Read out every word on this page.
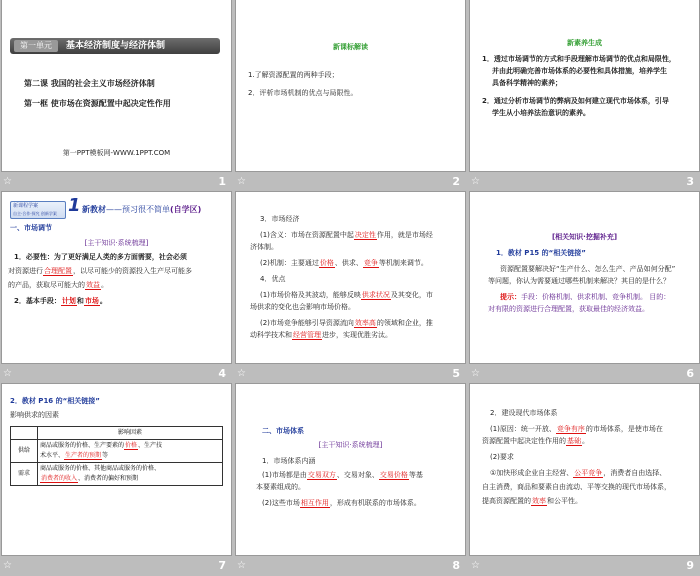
第一单元	基本经济制度与经济体制
第二课 我国的社会主义市场经济体制
第一框 使市场在资源配置中起决定性作用
第一PPT模板网-WWW.1PPT.COM
☆	1
新课标解读
1.了解资源配置的两种手段；
2．评析市场机制的优点与局限性。
☆	2
新素养生成
1．透过市场调节的方式和手段理解市场调节的优点和局限性，
并由此明确完善市场体系的必要性和具体措施，培养学生
具备科学精神的素养；
2．通过分析市场调节的弊病及如何建立现代市场体系，引导
学生从小培养法治意识的素养。
☆	3
新课程学案
自主·合作·探究 创新学案 1 新教材——预习很不简单(自学区)
一、市场调节
[主干知识·系统梳理]
1．必要性：为了更好满足人类的多方面需要，社会必须
对资源进行合理配置，以尽可能少的资源投入生产尽可能多
的产品，获取尽可能大的效益。
2．基本手段：计划和市场。
☆	4
3．市场经济
(1)含义：市场在资源配置中起决定性作用，就是市场经
济体制。
(2)机制：主要通过价格、供求、竞争等机制来调节。
4．优点
(1)市场价格及其波动，能够反映供求状况及其变化，市
场供求的变化也会影响市场价格。
(2)市场竞争能够引导资源流向效率高的领域和企业，推
动科学技术和经营管理进步，实现优胜劣汰。
☆	5
[相关知识·挖掘补充]
1．教材 P15 的“相关链接”
资源配置要解决好“生产什么、怎么生产、产品如何分配”
等问题，你认为需要通过哪些机制来解决？其目的是什么？
提示：手段：价格机制、供求机制、竞争机制。 目的：
对有限的资源进行合理配置，获取最佳的经济效益。
☆	6
2．教材 P16 的“相关链接”
影响供求的因素
	影响因素
供给	商品或服务的价格、生产要素的价格、生产技
术水平、生产者的预期等
需求	商品或服务的价格、其他商品或服务的价格、
消费者的收入、消费者的偏好和预期
☆	7
二、市场体系
[主干知识·系统梳理]
1．市场体系内涵
(1)市场都是由交易双方、交易对象、交易价格等基
本要素组成的。
(2)这些市场相互作用，形成有机联系的市场体系。
☆	8
2．建设现代市场体系
(1)原因：统一开放、竞争有序的市场体系，是使市场在
资源配置中起决定性作用的基础。
(2)要求
①加快形成企业自主经营、公平竞争，消费者自由选择、
自主消费，商品和要素自由流动、平等交换的现代市场体系，
提高资源配置的效率和公平性。
☆	9
